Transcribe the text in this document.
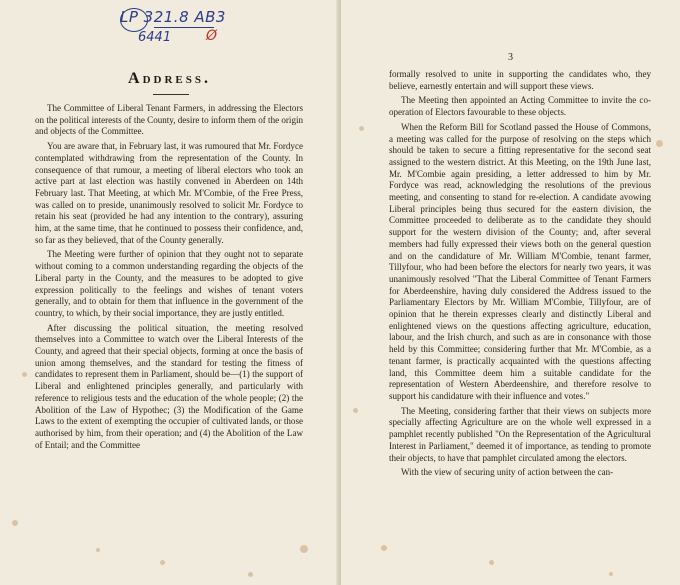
LP 321.8 AB3
6441 Ø
Address.

The Committee of Liberal Tenant Farmers, in addressing the Electors on the political interests of the County, desire to inform them of the origin and objects of the Committee.

You are aware that, in February last, it was rumoured that Mr. Fordyce contemplated withdrawing from the representation of the County. In consequence of that rumour, a meeting of liberal electors who took an active part at last election was hastily convened in Aberdeen on 14th February last. That Meeting, at which Mr. M'Combie, of the Free Press, was called on to preside, unanimously resolved to solicit Mr. Fordyce to retain his seat (provided he had any intention to the contrary), assuring him, at the same time, that he continued to possess their confidence, and, so far as they believed, that of the County generally.

The Meeting were further of opinion that they ought not to separate without coming to a common understanding regarding the objects of the Liberal party in the County, and the measures to be adopted to give expression politically to the feelings and wishes of tenant voters generally, and to obtain for them that influence in the government of the country, to which, by their social importance, they are justly entitled.

After discussing the political situation, the meeting resolved themselves into a Committee to watch over the Liberal Interests of the County, and agreed that their special objects, forming at once the basis of union among themselves, and the standard for testing the fitness of candidates to represent them in Parliament, should be—(1) the support of Liberal and enlightened principles generally, and particularly with reference to religious tests and the education of the whole people; (2) the Abolition of the Law of Hypothec; (3) the Modification of the Game Laws to the extent of exempting the occupier of cultivated lands, or those authorised by him, from their operation; and (4) the Abolition of the Law of Entail; and the Committee

3

formally resolved to unite in supporting the candidates who, they believe, earnestly entertain and will support these views.

The Meeting then appointed an Acting Committee to invite the co-operation of Electors favourable to these objects.

When the Reform Bill for Scotland passed the House of Commons, a meeting was called for the purpose of resolving on the steps which should be taken to secure a fitting representative for the second seat assigned to the western district. At this Meeting, on the 19th June last, Mr. M'Combie again presiding, a letter addressed to him by Mr. Fordyce was read, acknowledging the resolutions of the previous meeting, and consenting to stand for re-election. A candidate avowing Liberal principles being thus secured for the eastern division, the Committee proceeded to deliberate as to the candidate they should support for the western division of the County; and, after several members had fully expressed their views both on the general question and on the candidature of Mr. William M'Combie, tenant farmer, Tillyfour, who had been before the electors for nearly two years, it was unanimously resolved "That the Liberal Committee of Tenant Farmers for Aberdeenshire, having duly considered the Address issued to the Parliamentary Electors by Mr. William M'Combie, Tillyfour, are of opinion that he therein expresses clearly and distinctly Liberal and enlightened views on the questions affecting agriculture, education, labour, and the Irish church, and such as are in consonance with those held by this Committee; considering further that Mr. M'Combie, as a tenant farmer, is practically acquainted with the questions affecting land, this Committee deem him a suitable candidate for the representation of Western Aberdeenshire, and therefore resolve to support his candidature with their influence and votes."

The Meeting, considering farther that their views on subjects more specially affecting Agriculture are on the whole well expressed in a pamphlet recently published "On the Representation of the Agricultural Interest in Parliament," deemed it of importance, as tending to promote their objects, to have that pamphlet circulated among the electors.

With the view of securing unity of action between the can-
